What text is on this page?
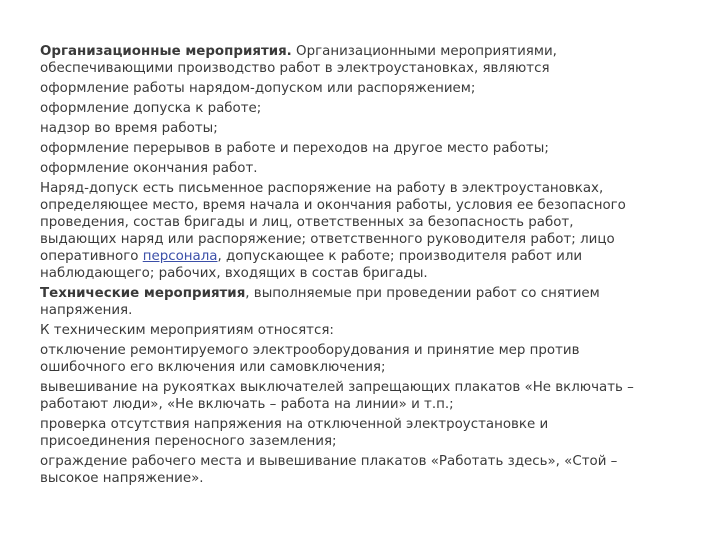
Организационные мероприятия. Организационными мероприятиями,
обеспечивающими производство работ в электроустановках, являются
оформление работы нарядом-допуском или распоряжением;
оформление допуска к работе;
надзор во время работы;
оформление перерывов в работе и переходов на другое место работы;
оформление окончания работ.
Наряд-допуск есть письменное распоряжение на работу в электроустановках,
определяющее место, время начала и окончания работы, условия ее безопасного
проведения, состав бригады и лиц, ответственных за безопасность работ,
выдающих наряд или распоряжение; ответственного руководителя работ; лицо
оперативного персонала, допускающее к работе; производителя работ или
наблюдающего; рабочих, входящих в состав бригады.
Технические мероприятия, выполняемые при проведении работ со снятием
напряжения.
К техническим мероприятиям относятся:
отключение ремонтируемого электрооборудования и принятие мер против
ошибочного его включения или самовключения;
вывешивание на рукоятках выключателей запрещающих плакатов «Не включать –
работают люди», «Не включать – работа на линии» и т.п.;
проверка отсутствия напряжения на отключенной электроустановке и
присоединения переносного заземления;
ограждение рабочего места и вывешивание плакатов «Работать здесь», «Стой –
высокое напряжение».
